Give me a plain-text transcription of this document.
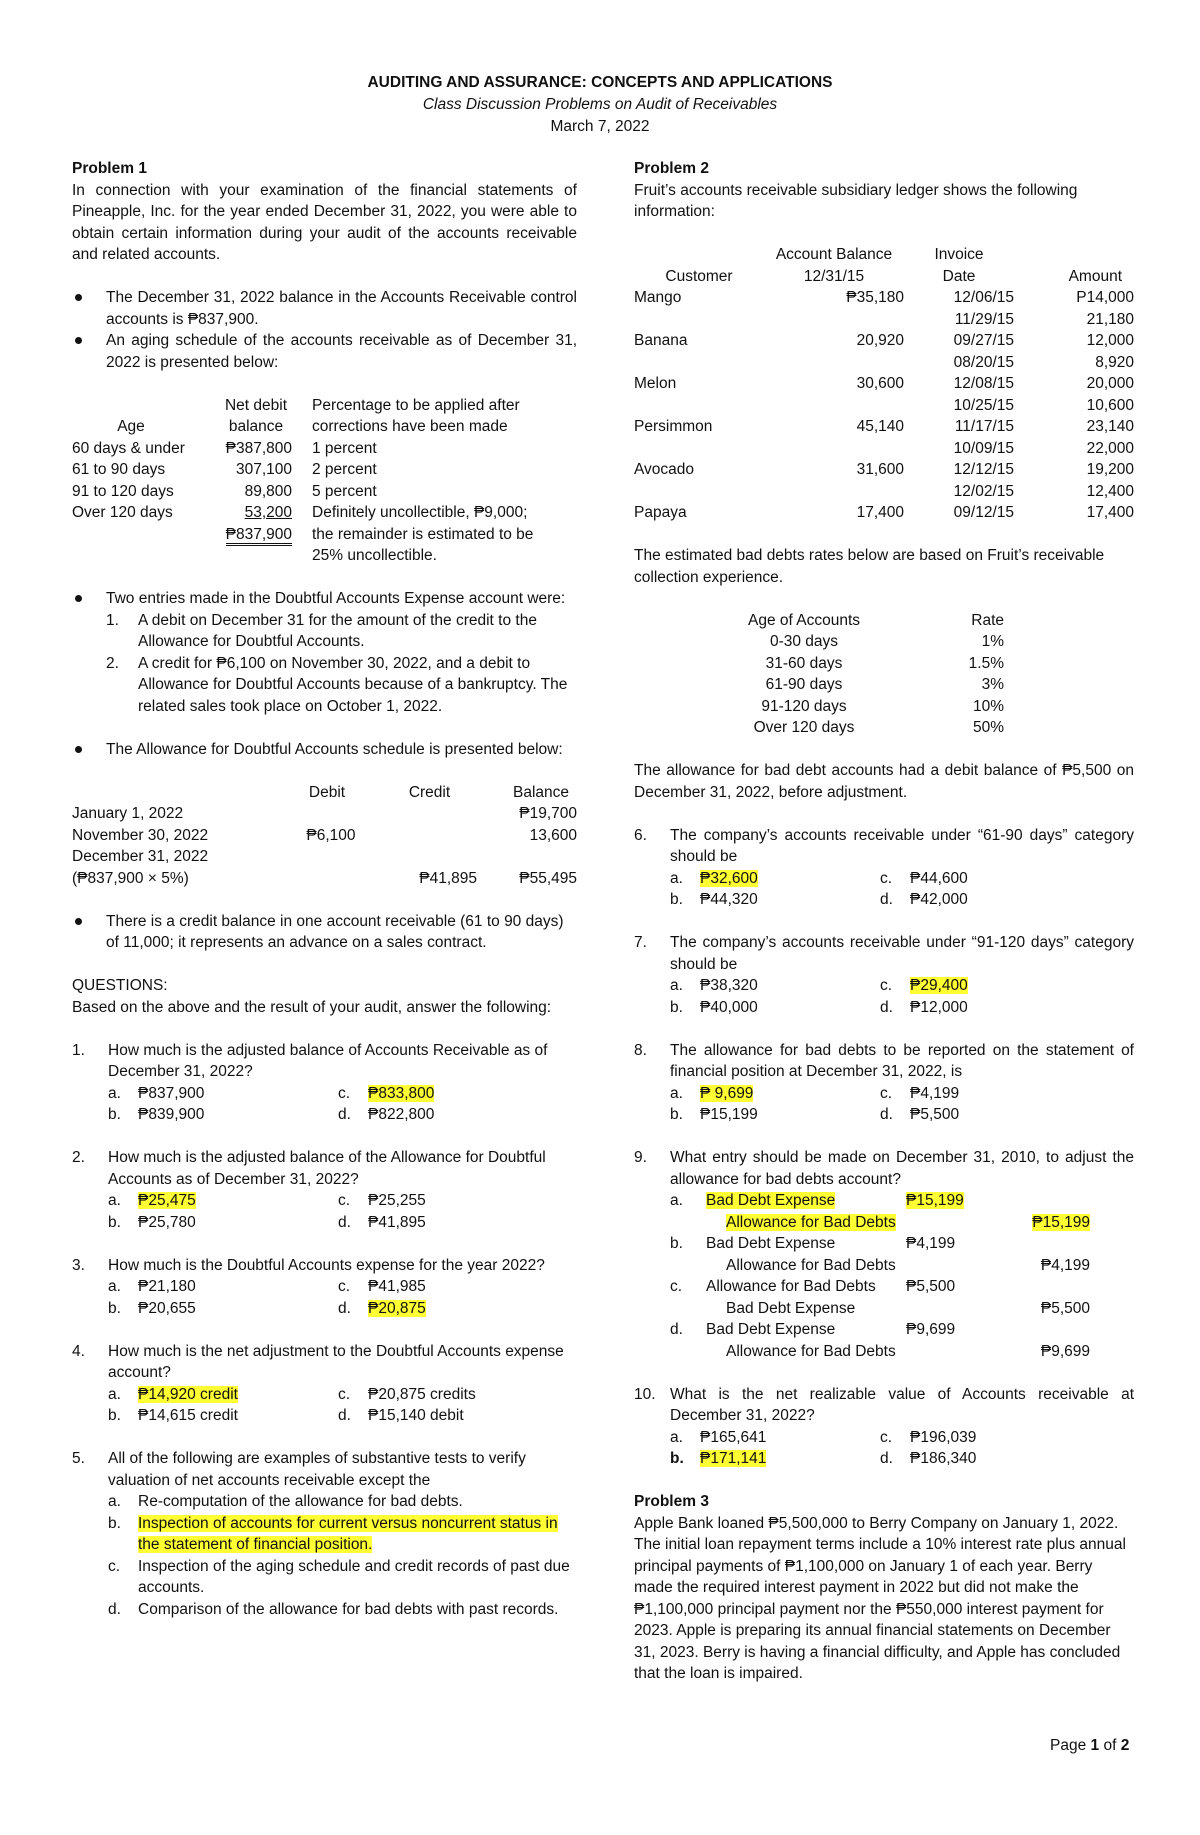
AUDITING AND ASSURANCE: CONCEPTS AND APPLICATIONS
Class Discussion Problems on Audit of Receivables
March 7, 2022
Problem 1
In connection with your examination of the financial statements of Pineapple, Inc. for the year ended December 31, 2022, you were able to obtain certain information during your audit of the accounts receivable and related accounts.
The December 31, 2022 balance in the Accounts Receivable control accounts is ₱837,900.
An aging schedule of the accounts receivable as of December 31, 2022 is presented below:
	Net debit		Percentage to be applied after
Age	balance		corrections have been made
60 days & under	₱387,800		1 percent
61 to 90 days	307,100		2 percent
91 to 120 days	89,800		5 percent
Over 120 days	53,200		Definitely uncollectible, ₱9,000;
	₱837,900		the remainder is estimated to be
			25% uncollectible.
Two entries made in the Doubtful Accounts Expense account were:
1. A debit on December 31 for the amount of the credit to the Allowance for Doubtful Accounts.
2. A credit for ₱6,100 on November 30, 2022, and a debit to Allowance for Doubtful Accounts because of a bankruptcy. The related sales took place on October 1, 2022.
The Allowance for Doubtful Accounts schedule is presented below:
	Debit	Credit	Balance
January 1, 2022			₱19,700
November 30, 2022	₱6,100		13,600
December 31, 2022			
(₱837,900 × 5%)		₱41,895	₱55,495
There is a credit balance in one account receivable (61 to 90 days) of 11,000; it represents an advance on a sales contract.
QUESTIONS:
Based on the above and the result of your audit, answer the following:
1. How much is the adjusted balance of Accounts Receivable as of December 31, 2022?
a. ₱837,900	c. ₱833,800
b. ₱839,900	d. ₱822,800
2. How much is the adjusted balance of the Allowance for Doubtful Accounts as of December 31, 2022?
a. ₱25,475	c. ₱25,255
b. ₱25,780	d. ₱41,895
3. How much is the Doubtful Accounts expense for the year 2022?
a. ₱21,180	c. ₱41,985
b. ₱20,655	d. ₱20,875
4. How much is the net adjustment to the Doubtful Accounts expense account?
a. ₱14,920 credit	c. ₱20,875 credits
b. ₱14,615 credit	d. ₱15,140 debit
5. All of the following are examples of substantive tests to verify valuation of net accounts receivable except the
a. Re-computation of the allowance for bad debts.
b. Inspection of accounts for current versus noncurrent status in the statement of financial position.
c. Inspection of the aging schedule and credit records of past due accounts.
d. Comparison of the allowance for bad debts with past records.
Problem 2
Fruit’s accounts receivable subsidiary ledger shows the following information:
	Account Balance	Invoice	
Customer	12/31/15	Date	Amount
Mango	₱35,180	12/06/15	P14,000
		11/29/15	21,180
Banana	20,920	09/27/15	12,000
		08/20/15	8,920
Melon	30,600	12/08/15	20,000
		10/25/15	10,600
Persimmon	45,140	11/17/15	23,140
		10/09/15	22,000
Avocado	31,600	12/12/15	19,200
		12/02/15	12,400
Papaya	17,400	09/12/15	17,400
The estimated bad debts rates below are based on Fruit’s receivable collection experience.
Age of Accounts	Rate
0-30 days	1%
31-60 days	1.5%
61-90 days	3%
91-120 days	10%
Over 120 days	50%
The allowance for bad debt accounts had a debit balance of ₱5,500 on December 31, 2022, before adjustment.
6. The company’s accounts receivable under “61-90 days” category should be
a. ₱32,600	c. ₱44,600
b. ₱44,320	d. ₱42,000
7. The company’s accounts receivable under “91-120 days” category should be
a. ₱38,320	c. ₱29,400
b. ₱40,000	d. ₱12,000
8. The allowance for bad debts to be reported on the statement of financial position at December 31, 2022, is
a. ₱ 9,699	c. ₱4,199
b. ₱15,199	d. ₱5,500
9. What entry should be made on December 31, 2010, to adjust the allowance for bad debts account?
a.	Bad Debt Expense	₱15,199	
	Allowance for Bad Debts		₱15,199
b.	Bad Debt Expense	₱4,199	
	Allowance for Bad Debts		₱4,199
c.	Allowance for Bad Debts	₱5,500	
	Bad Debt Expense		₱5,500
d.	Bad Debt Expense	₱9,699	
	Allowance for Bad Debts		₱9,699
10. What is the net realizable value of Accounts receivable at December 31, 2022?
a. ₱165,641	c. ₱196,039
b. ₱171,141	d. ₱186,340
Problem 3
Apple Bank loaned ₱5,500,000 to Berry Company on January 1, 2022. The initial loan repayment terms include a 10% interest rate plus annual principal payments of ₱1,100,000 on January 1 of each year. Berry made the required interest payment in 2022 but did not make the ₱1,100,000 principal payment nor the ₱550,000 interest payment for 2023. Apple is preparing its annual financial statements on December 31, 2023. Berry is having a financial difficulty, and Apple has concluded that the loan is impaired.
Page 1 of 2
